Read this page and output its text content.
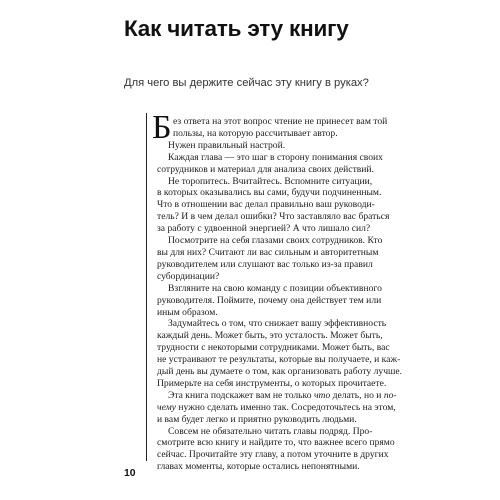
Как читать эту книгу
Для чего вы держите сейчас эту книгу в руках?
Б ез ответа на этот вопрос чтение не принесет вам той
пользы, на которую рассчитывает автор.
Нужен правильный настрой.
Каждая глава — это шаг в сторону понимания своих
сотрудников и материал для анализа своих действий.
Не торопитесь. Вчитайтесь. Вспомните ситуации,
в которых оказывались вы сами, будучи подчиненным.
Что в отношении вас делал правильно ваш руководи-
тель? И в чем делал ошибки? Что заставляло вас браться
за работу с удвоенной энергией? А что лишало сил?
Посмотрите на себя глазами своих сотрудников. Кто
вы для них? Считают ли вас сильным и авторитетным
руководителем или слушают вас только из-за правил
субординации?
Взгляните на свою команду с позиции объективного
руководителя. Поймите, почему она действует тем или
иным образом.
Задумайтесь о том, что снижает вашу эффективность
каждый день. Может быть, это усталость. Может быть,
трудности с некоторыми сотрудниками. Может быть, вас
не устраивают те результаты, которые вы получаете, и каж-
дый день вы думаете о том, как организовать работу лучше.
Примерьте на себя инструменты, о которых прочитаете.
Эта книга подскажет вам не только что делать, но и по-
чему нужно сделать именно так. Сосредоточьтесь на этом,
и вам будет легко и приятно руководить людьми.
Совсем не обязательно читать главы подряд. Про-
смотрите всю книгу и найдите то, что важнее всего прямо
сейчас. Прочитайте эту главу, а потом уточните в других
главах моменты, которые остались непонятными.
10
